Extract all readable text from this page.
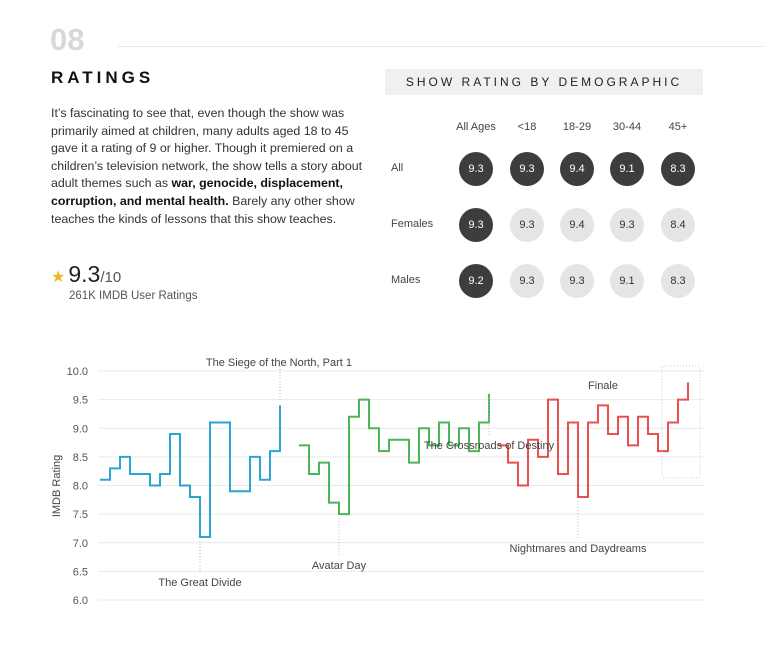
08
RATINGS
It’s fascinating to see that, even though the show was primarily aimed at children, many adults aged 18 to 45 gave it a rating of 9 or higher. Though it premiered on a children’s television network, the show tells a story about adult themes such as war, genocide, displacement, corruption, and mental health. Barely any other show teaches the kinds of lessons that this show teaches.
★ 9.3 /10
261K IMDB User Ratings
SHOW RATING BY DEMOGRAPHIC
All Ages	<18	18-29	30-44	45+
All	9.3	9.3	9.4	9.1	8.3
Females	9.3	9.3	9.4	9.3	8.4
Males	9.2	9.3	9.3	9.1	8.3
10.0
9.5
9.0
8.5
8.0
7.5
7.0
6.5
6.0
IMDB Rating
The Siege of the North, Part 1
The Great Divide
Avatar Day
The Crossroads of Destiny
Nightmares and Daydreams
Finale
